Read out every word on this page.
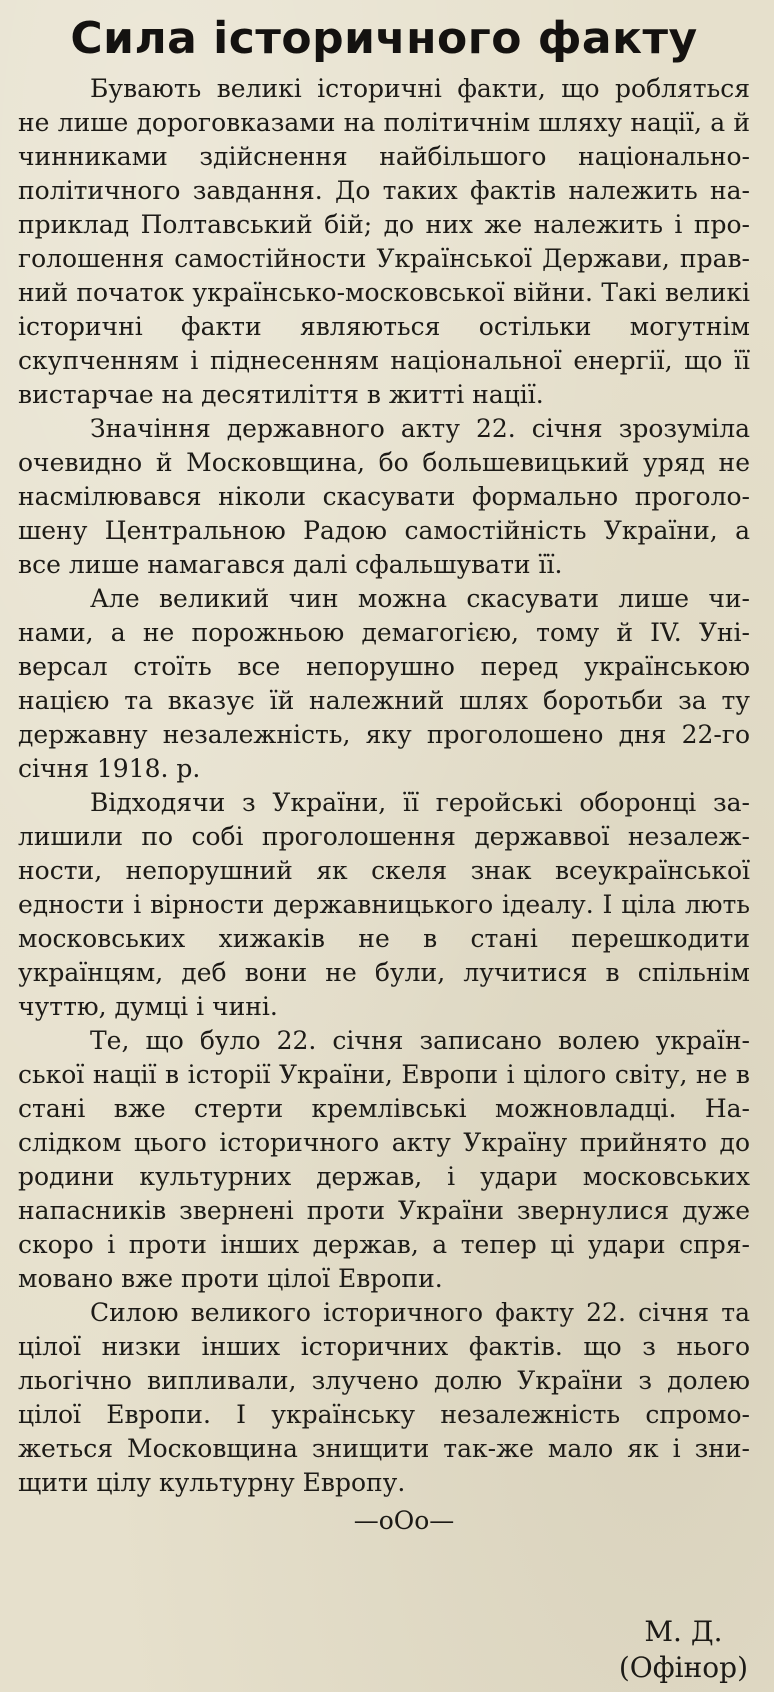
Сила історичного факту

Бувають великі історичні факти, що робляться не лише дороговказами на політичнім шляху нації, а й чинниками здійснення найбільшого національно-політичного завдання. До таких фактів належить на-приклад Полтавський бій; до них же належить і про-голошення самостійности Української Держави, прав-ний початок українсько-московської війни. Такі великі історичні факти являються остільки могутнім скупченням і піднесенням національної енергії, що її вистарчае на десятиліття в житті нації.

Значіння державного акту 22. січня зрозуміла очевидно й Московщина, бо большевицький уряд не насмілювався ніколи скасувати формально проголо-шену Центральною Радою самостійність України, а все лише намагався далі сфальшувати її.

Але великий чин можна скасувати лише чи-нами, а не порожньою демагогією, тому й IV. Уні-версал стоїть все непорушно перед українською нацією та вказує їй належний шлях боротьби за ту державну незалежність, яку проголошено дня 22-го січня 1918. р.

Відходячи з України, її геройські оборонці за-лишили по собі проголошення державвої незалеж-ности, непорушний як скеля знак всеукраїнської едности і вірности державницького ідеалу. І ціла лють московських хижаків не в стані перешкодити українцям, деб вони не були, лучитися в спільнім чуттю, думці і чині.

Те, що було 22. січня записано волею україн-ської нації в історії України, Европи і цілого світу, не в стані вже стерти кремлівські можновладці. На-слідком цього історичного акту Україну прийнято до родини культурних держав, і удари московських напасників звернені проти України звернулися дуже скоро і проти інших держав, а тепер ці удари спря-мовано вже проти цілої Европи.

Силою великого історичного факту 22. січня та цілої низки інших історичних фактів. що з нього льогічно випливали, злучено долю України з долею цілої Европи. І українську незалежність спромо-жеться Московщина знищити так-же мало як і зни-щити цілу культурну Европу.

—оОо—
М. Д.
(Офінор)
